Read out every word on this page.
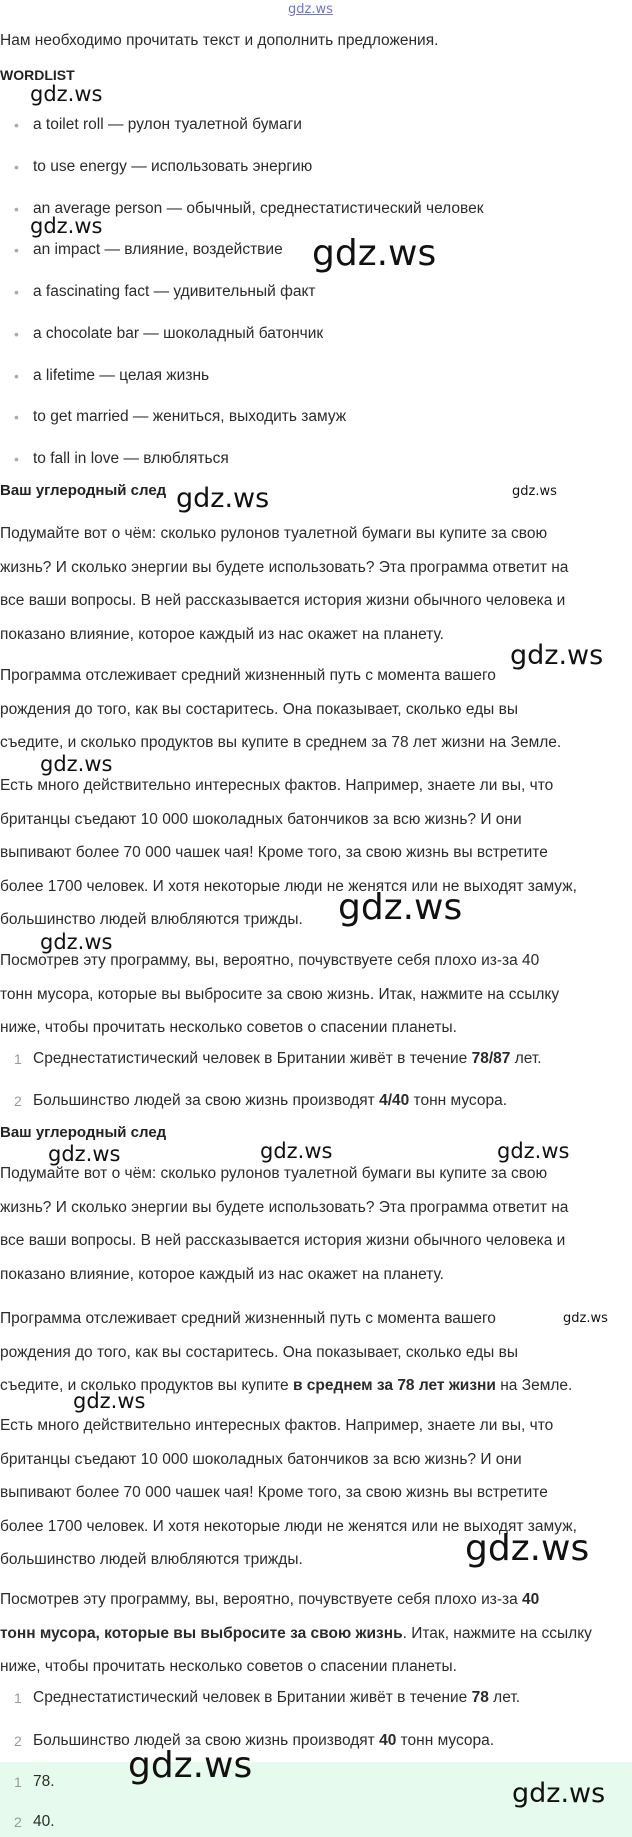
gdz.ws
Нам необходимо прочитать текст и дополнить предложения.
WORDLIST
• a toilet roll — рулон туалетной бумаги
• to use energy — использовать энергию
• an average person — обычный, среднестатистический человек
• an impact — влияние, воздействие
• a fascinating fact — удивительный факт
• a chocolate bar — шоколадный батончик
• a lifetime — целая жизнь
• to get married — жениться, выходить замуж
• to fall in love — влюбляться
Ваш углеродный след
Подумайте вот о чём: сколько рулонов туалетной бумаги вы купите за свою
жизнь? И сколько энергии вы будете использовать? Эта программа ответит на
все ваши вопросы. В ней рассказывается история жизни обычного человека и
показано влияние, которое каждый из нас окажет на планету.
Программа отслеживает средний жизненный путь с момента вашего
рождения до того, как вы состаритесь. Она показывает, сколько еды вы
съедите, и сколько продуктов вы купите в среднем за 78 лет жизни на Земле.
Есть много действительно интересных фактов. Например, знаете ли вы, что
британцы съедают 10 000 шоколадных батончиков за всю жизнь? И они
выпивают более 70 000 чашек чая! Кроме того, за свою жизнь вы встретите
более 1700 человек. И хотя некоторые люди не женятся или не выходят замуж,
большинство людей влюбляются трижды.
Посмотрев эту программу, вы, вероятно, почувствуете себя плохо из-за 40
тонн мусора, которые вы выбросите за свою жизнь. Итак, нажмите на ссылку
ниже, чтобы прочитать несколько советов о спасении планеты.
1 Среднестатистический человек в Британии живёт в течение 78/87 лет.
2 Большинство людей за свою жизнь производят 4/40 тонн мусора.
Ваш углеродный след
Подумайте вот о чём: сколько рулонов туалетной бумаги вы купите за свою
жизнь? И сколько энергии вы будете использовать? Эта программа ответит на
все ваши вопросы. В ней рассказывается история жизни обычного человека и
показано влияние, которое каждый из нас окажет на планету.
Программа отслеживает средний жизненный путь с момента вашего
рождения до того, как вы состаритесь. Она показывает, сколько еды вы
съедите, и сколько продуктов вы купите в среднем за 78 лет жизни на Земле.
Есть много действительно интересных фактов. Например, знаете ли вы, что
британцы съедают 10 000 шоколадных батончиков за всю жизнь? И они
выпивают более 70 000 чашек чая! Кроме того, за свою жизнь вы встретите
более 1700 человек. И хотя некоторые люди не женятся или не выходят замуж,
большинство людей влюбляются трижды.
Посмотрев эту программу, вы, вероятно, почувствуете себя плохо из-за 40
тонн мусора, которые вы выбросите за свою жизнь. Итак, нажмите на ссылку
ниже, чтобы прочитать несколько советов о спасении планеты.
1 Среднестатистический человек в Британии живёт в течение 78 лет.
2 Большинство людей за свою жизнь производят 40 тонн мусора.
1 78.
2 40.
gdz.ws
gdz.ws
gdz.ws
gdz.ws	gdz.ws
gdz.ws
gdz.ws
gdz.ws
gdz.ws
gdz.ws	gdz.ws	gdz.ws
gdz.ws
gdz.ws
gdz.ws
gdz.ws
gdz.ws
